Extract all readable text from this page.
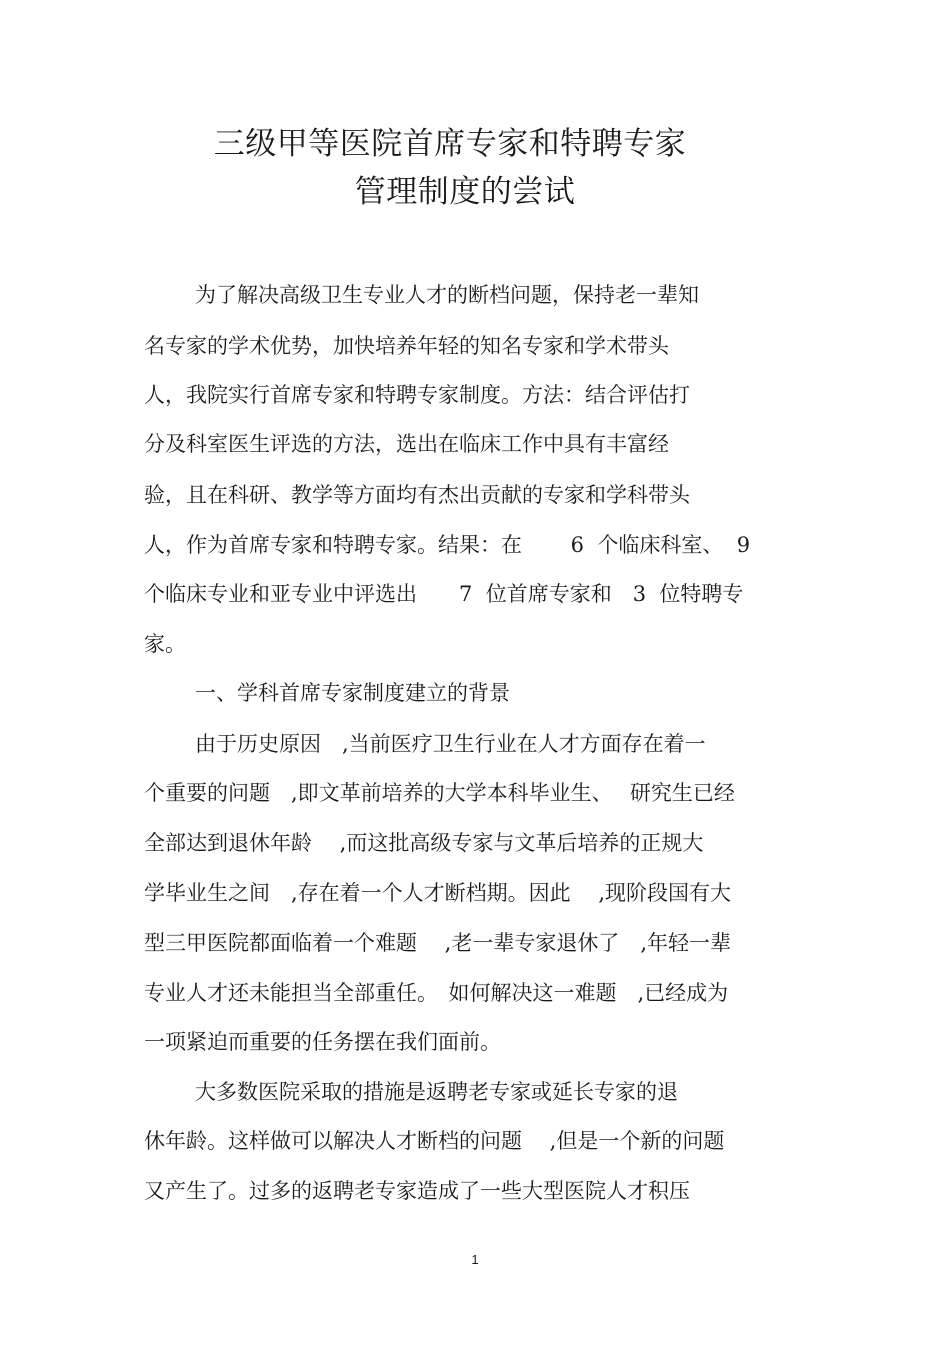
三级甲等医院首席专家和特聘专家
管理制度的尝试
为了解决高级卫生专业人才的断档问题，保持老一辈知
名专家的学术优势，加快培养年轻的知名专家和学术带头
人，我院实行首席专家和特聘专家制度。方法：结合评估打
分及科室医生评选的方法，选出在临床工作中具有丰富经
验，且在科研、教学等方面均有杰出贡献的专家和学科带头
人，作为首席专家和特聘专家。结果：在　　 6  个临床科室、  9
个临床专业和亚专业中评选出　　7  位首席专家和　3  位特聘专
家。
一、学科首席专家制度建立的背景
由于历史原因　,当前医疗卫生行业在人才方面存在着一
个重要的问题　,即文革前培养的大学本科毕业生、　 研究生已经
全部达到退休年龄　 ,而这批高级专家与文革后培养的正规大
学毕业生之间　,存在着一个人才断档期。因此　 ,现阶段国有大
型三甲医院都面临着一个难题　 ,老一辈专家退休了　,年轻一辈
专业人才还未能担当全部重任。　如何解决这一难题　,已经成为
一项紧迫而重要的任务摆在我们面前。
大多数医院采取的措施是返聘老专家或延长专家的退
休年龄。这样做可以解决人才断档的问题　 ,但是一个新的问题
又产生了。过多的返聘老专家造成了一些大型医院人才积压
1
